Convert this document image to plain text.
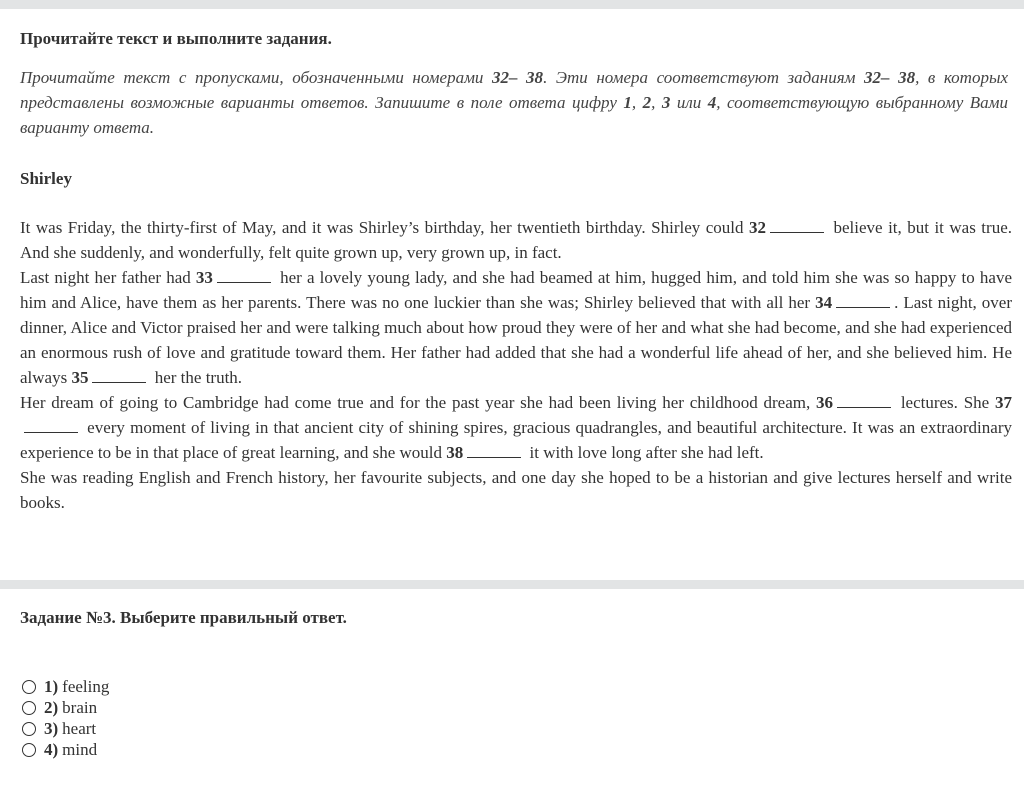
Прочитайте текст и выполните задания.

Прочитайте текст с пропусками, обозначенными номерами 32– 38. Эти номера соответствуют заданиям 32– 38, в которых представлены возможные варианты ответов. Запишите в поле ответа цифру 1, 2, 3 или 4, соответствующую выбранному Вами варианту ответа.

Shirley

It was Friday, the thirty-first of May, and it was Shirley’s birthday, her twentieth birthday. Shirley could 32	believe it, but it was true. And she suddenly, and wonderfully, felt quite grown up, very grown up, in fact.

Last night her father had 33	her a lovely young lady, and she had beamed at him, hugged him, and told him she was so happy to have him and Alice, have them as her parents. There was no one luckier than she was; Shirley believed that with all her 34	. Last night, over dinner, Alice and Victor praised her and were talking much about how proud they were of her and what she had become, and she had experienced an enormous rush of love and gratitude toward them. Her father had added that she had a wonderful life ahead of her, and she believed him. He always 35	her the truth.

Her dream of going to Cambridge had come true and for the past year she had been living her childhood dream, 36	lectures. She 37 every moment of living in that ancient city of shining spires, gracious quadrangles, and beautiful architecture. It was an extraordinary experience to be in that place of great learning, and she would 38	it with love long after she had left.

She was reading English and French history, her favourite subjects, and one day she hoped to be a historian and give lectures herself and write books.

Задание №3. Выберите правильный ответ.
1) feeling
2) brain
3) heart
4) mind
